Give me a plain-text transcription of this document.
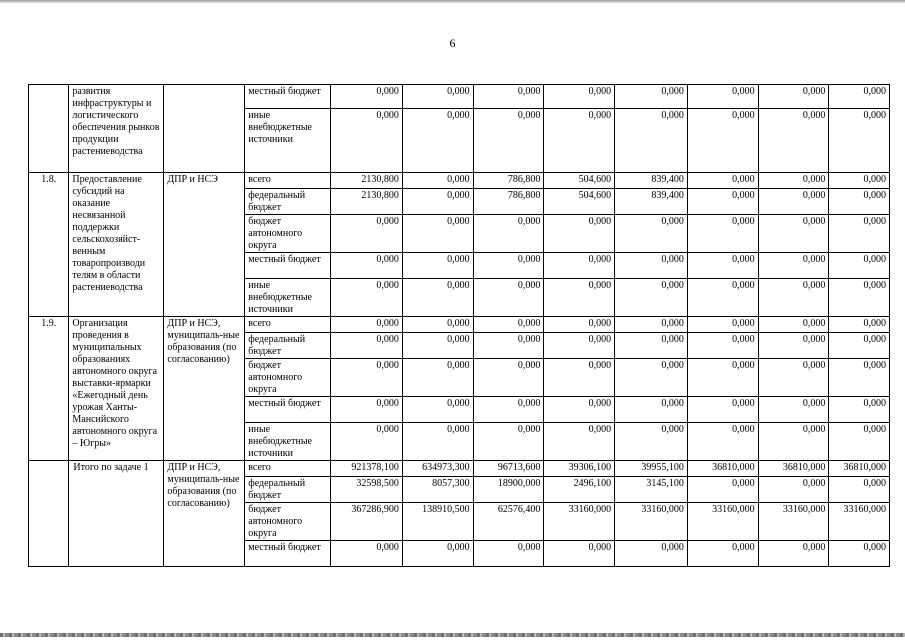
6
	развития инфраструктуры и логистического обеспечения рынков продукции растениеводства		местный бюджет	0,000	0,000	0,000	0,000	0,000	0,000	0,000	0,000
			иные внебюджетные источники	0,000	0,000	0,000	0,000	0,000	0,000	0,000	0,000
1.8.	Предоставление субсидий на оказание несвязанной поддержки сельскохозяйст-венным товаропроизводи телям в области растениеводства	ДПР и НСЭ	всего	2130,800	0,000	786,800	504,600	839,400	0,000	0,000	0,000
			федеральный бюджет	2130,800	0,000	786,800	504,600	839,400	0,000	0,000	0,000
			бюджет автономного округа	0,000	0,000	0,000	0,000	0,000	0,000	0,000	0,000
			местный бюджет	0,000	0,000	0,000	0,000	0,000	0,000	0,000	0,000
			иные внебюджетные источники	0,000	0,000	0,000	0,000	0,000	0,000	0,000	0,000
1.9.	Организация проведения в муниципальных образованиях автономного округа выставки-ярмарки «Ежегодный день урожая Ханты-Мансийского автономного округа – Югры»	ДПР и НСЭ, муниципаль-ные образования (по согласованию)	всего	0,000	0,000	0,000	0,000	0,000	0,000	0,000	0,000
			федеральный бюджет	0,000	0,000	0,000	0,000	0,000	0,000	0,000	0,000
			бюджет автономного округа	0,000	0,000	0,000	0,000	0,000	0,000	0,000	0,000
			местный бюджет	0,000	0,000	0,000	0,000	0,000	0,000	0,000	0,000
			иные внебюджетные источники	0,000	0,000	0,000	0,000	0,000	0,000	0,000	0,000
	Итого по задаче 1	ДПР и НСЭ, муниципаль-ные образования (по согласованию)	всего	921378,100	634973,300	96713,600	39306,100	39955,100	36810,000	36810,000	36810,000
			федеральный бюджет	32598,500	8057,300	18900,000	2496,100	3145,100	0,000	0,000	0,000
			бюджет автономного округа	367286,900	138910,500	62576,400	33160,000	33160,000	33160,000	33160,000	33160,000
			местный бюджет	0,000	0,000	0,000	0,000	0,000	0,000	0,000	0,000
